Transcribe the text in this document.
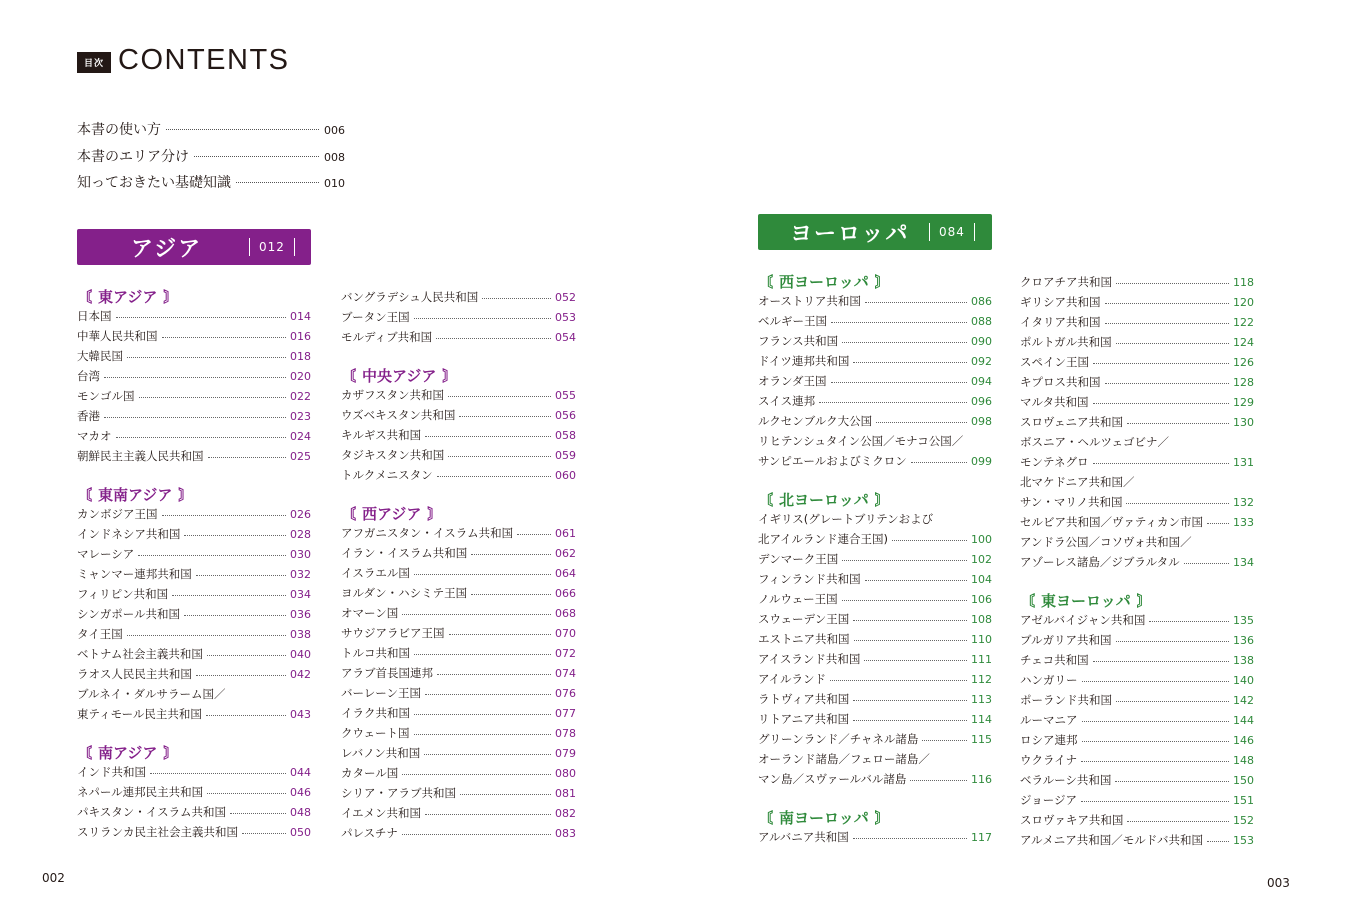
目次 CONTENTS
本書の使い方	006
本書のエリア分け	008
知っておきたい基礎知識	010
アジア	012
ヨーロッパ	084
〘 東アジア 〙
日本国	014
中華人民共和国	016
大韓民国	018
台湾	020
モンゴル国	022
香港	023
マカオ	024
朝鮮民主主義人民共和国	025
〘 東南アジア 〙
カンボジア王国	026
インドネシア共和国	028
マレーシア	030
ミャンマー連邦共和国	032
フィリピン共和国	034
シンガポール共和国	036
タイ王国	038
ベトナム社会主義共和国	040
ラオス人民民主共和国	042
ブルネイ・ダルサラーム国／
東ティモール民主共和国	043
〘 南アジア 〙
インド共和国	044
ネパール連邦民主共和国	046
パキスタン・イスラム共和国	048
スリランカ民主社会主義共和国	050
バングラデシュ人民共和国	052
ブータン王国	053
モルディブ共和国	054
〘 中央アジア 〙
カザフスタン共和国	055
ウズベキスタン共和国	056
キルギス共和国	058
タジキスタン共和国	059
トルクメニスタン	060
〘 西アジア 〙
アフガニスタン・イスラム共和国	061
イラン・イスラム共和国	062
イスラエル国	064
ヨルダン・ハシミテ王国	066
オマーン国	068
サウジアラビア王国	070
トルコ共和国	072
アラブ首長国連邦	074
バーレーン王国	076
イラク共和国	077
クウェート国	078
レバノン共和国	079
カタール国	080
シリア・アラブ共和国	081
イエメン共和国	082
パレスチナ	083
〘 西ヨーロッパ 〙
オーストリア共和国	086
ベルギー王国	088
フランス共和国	090
ドイツ連邦共和国	092
オランダ王国	094
スイス連邦	096
ルクセンブルク大公国	098
リヒテンシュタイン公国／モナコ公国／
サンピエールおよびミクロン	099
〘 北ヨーロッパ 〙
イギリス(グレートブリテンおよび
北アイルランド連合王国)	100
デンマーク王国	102
フィンランド共和国	104
ノルウェー王国	106
スウェーデン王国	108
エストニア共和国	110
アイスランド共和国	111
アイルランド	112
ラトヴィア共和国	113
リトアニア共和国	114
グリーンランド／チャネル諸島	115
オーランド諸島／フェロー諸島／
マン島／スヴァールバル諸島	116
〘 南ヨーロッパ 〙
アルバニア共和国	117
クロアチア共和国	118
ギリシア共和国	120
イタリア共和国	122
ポルトガル共和国	124
スペイン王国	126
キプロス共和国	128
マルタ共和国	129
スロヴェニア共和国	130
ボスニア・ヘルツェゴビナ／
モンテネグロ	131
北マケドニア共和国／
サン・マリノ共和国	132
セルビア共和国／ヴァティカン市国	133
アンドラ公国／コソヴォ共和国／
アゾーレス諸島／ジブラルタル	134
〘 東ヨーロッパ 〙
アゼルバイジャン共和国	135
ブルガリア共和国	136
チェコ共和国	138
ハンガリー	140
ポーランド共和国	142
ルーマニア	144
ロシア連邦	146
ウクライナ	148
ベラルーシ共和国	150
ジョージア	151
スロヴァキア共和国	152
アルメニア共和国／モルドバ共和国	153
002	003
